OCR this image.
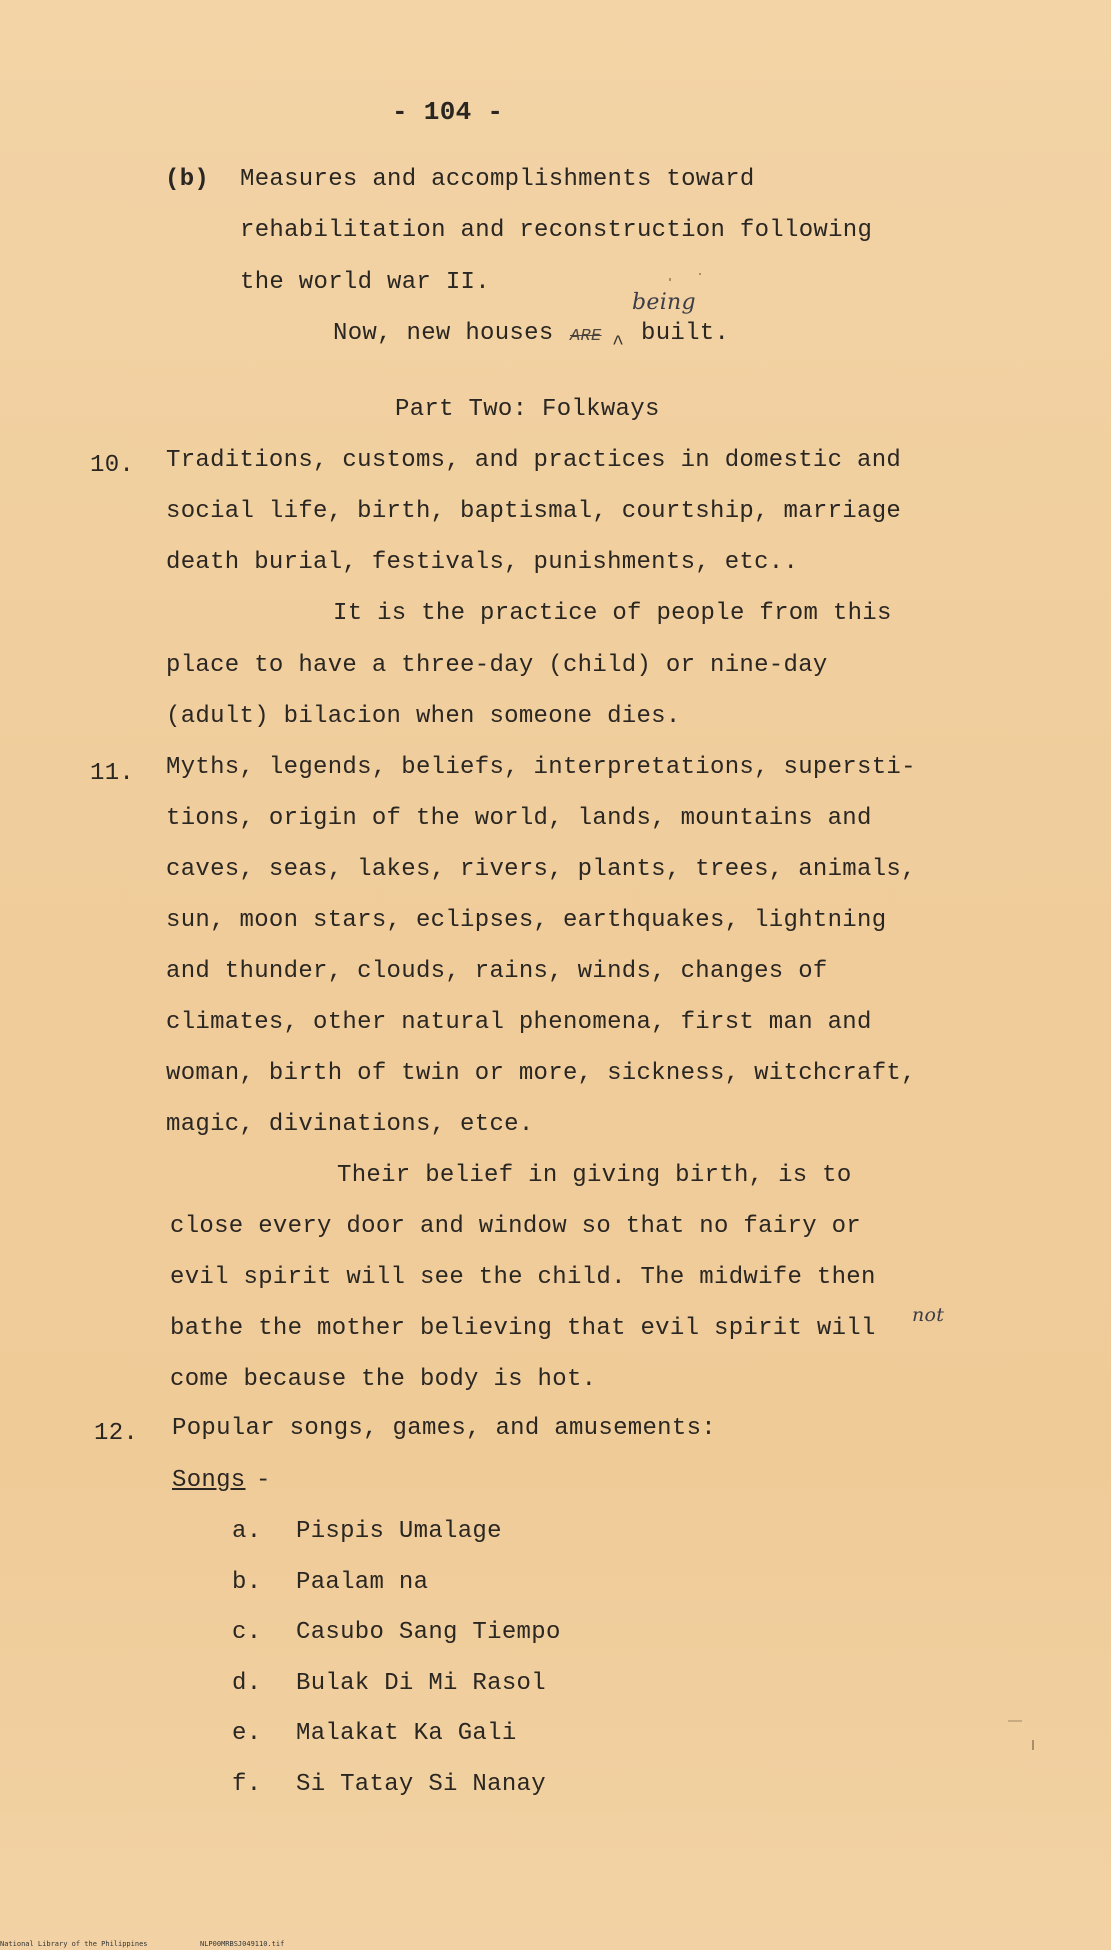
- 104 -
(b) Measures and accomplishments toward
rehabilitation and reconstruction following
the world war II.
Now, new houses ARE ^
being
built.
Part Two: Folkways
10. Traditions, customs, and practices in domestic and
social life, birth, baptismal, courtship, marriage
death burial, festivals, punishments, etc..
It is the practice of people from this
place to have a three-day (child) or nine-day
(adult) bilacion when someone dies.
11. Myths, legends, beliefs, interpretations, supersti-
tions, origin of the world, lands, mountains and
caves, seas, lakes, rivers, plants, trees, animals,
sun, moon stars, eclipses, earthquakes, lightning
and thunder, clouds, rains, winds, changes of
climates, other natural phenomena, first man and
woman, birth of twin or more, sickness, witchcraft,
magic, divinations, etce.
Their belief in giving birth, is to
close every door and window so that no fairy or
evil spirit will see the child. The midwife then
bathe the mother believing that evil spirit will not
come because the body is hot.
12. Popular songs, games, and amusements:
Songs -
a. Pispis Umalage
b. Paalam na
c. Casubo Sang Tiempo
d. Bulak Di Mi Rasol
e. Malakat Ka Gali
f. Si Tatay Si Nanay
National Library of the Philippines	NLP00MRBSJ049110.tif
